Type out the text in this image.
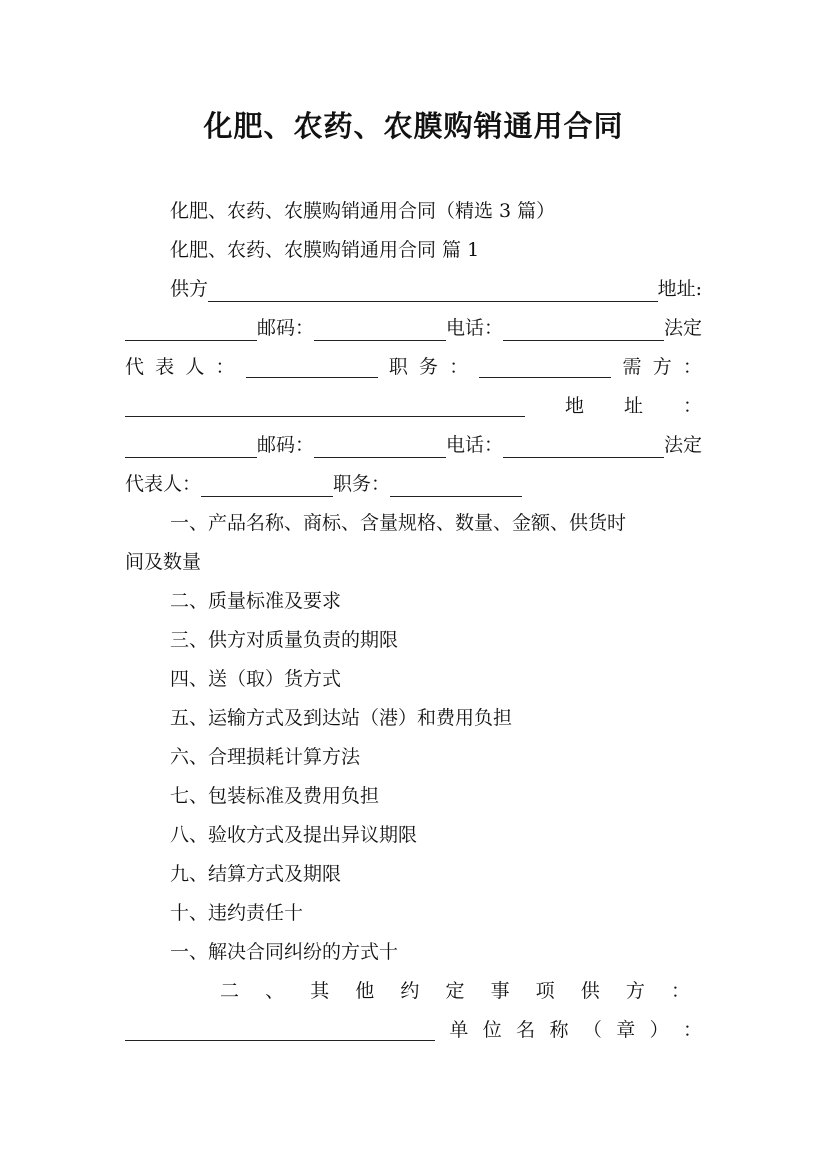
化肥、农药、农膜购销通用合同
化肥、农药、农膜购销通用合同（精选 3 篇）
化肥、农药、农膜购销通用合同 篇 1
供方	地址:
邮码：	电话：	法定
代 表 人 ：	职 务 ：	需 方 ：
地 址 ：
邮码：	电话：	法定
代表人：	职务：
一、产品名称、商标、含量规格、数量、金额、供货时
间及数量
二、质量标准及要求
三、供方对质量负责的期限
四、送（取）货方式
五、运输方式及到达站（港）和费用负担
六、合理损耗计算方法
七、包装标准及费用负担
八、验收方式及提出异议期限
九、结算方式及期限
十、违约责任十
一、解决合同纠纷的方式十
二 、 其 他 约 定 事 项 供 方 ：
单 位 名 称 （ 章 ） ：
